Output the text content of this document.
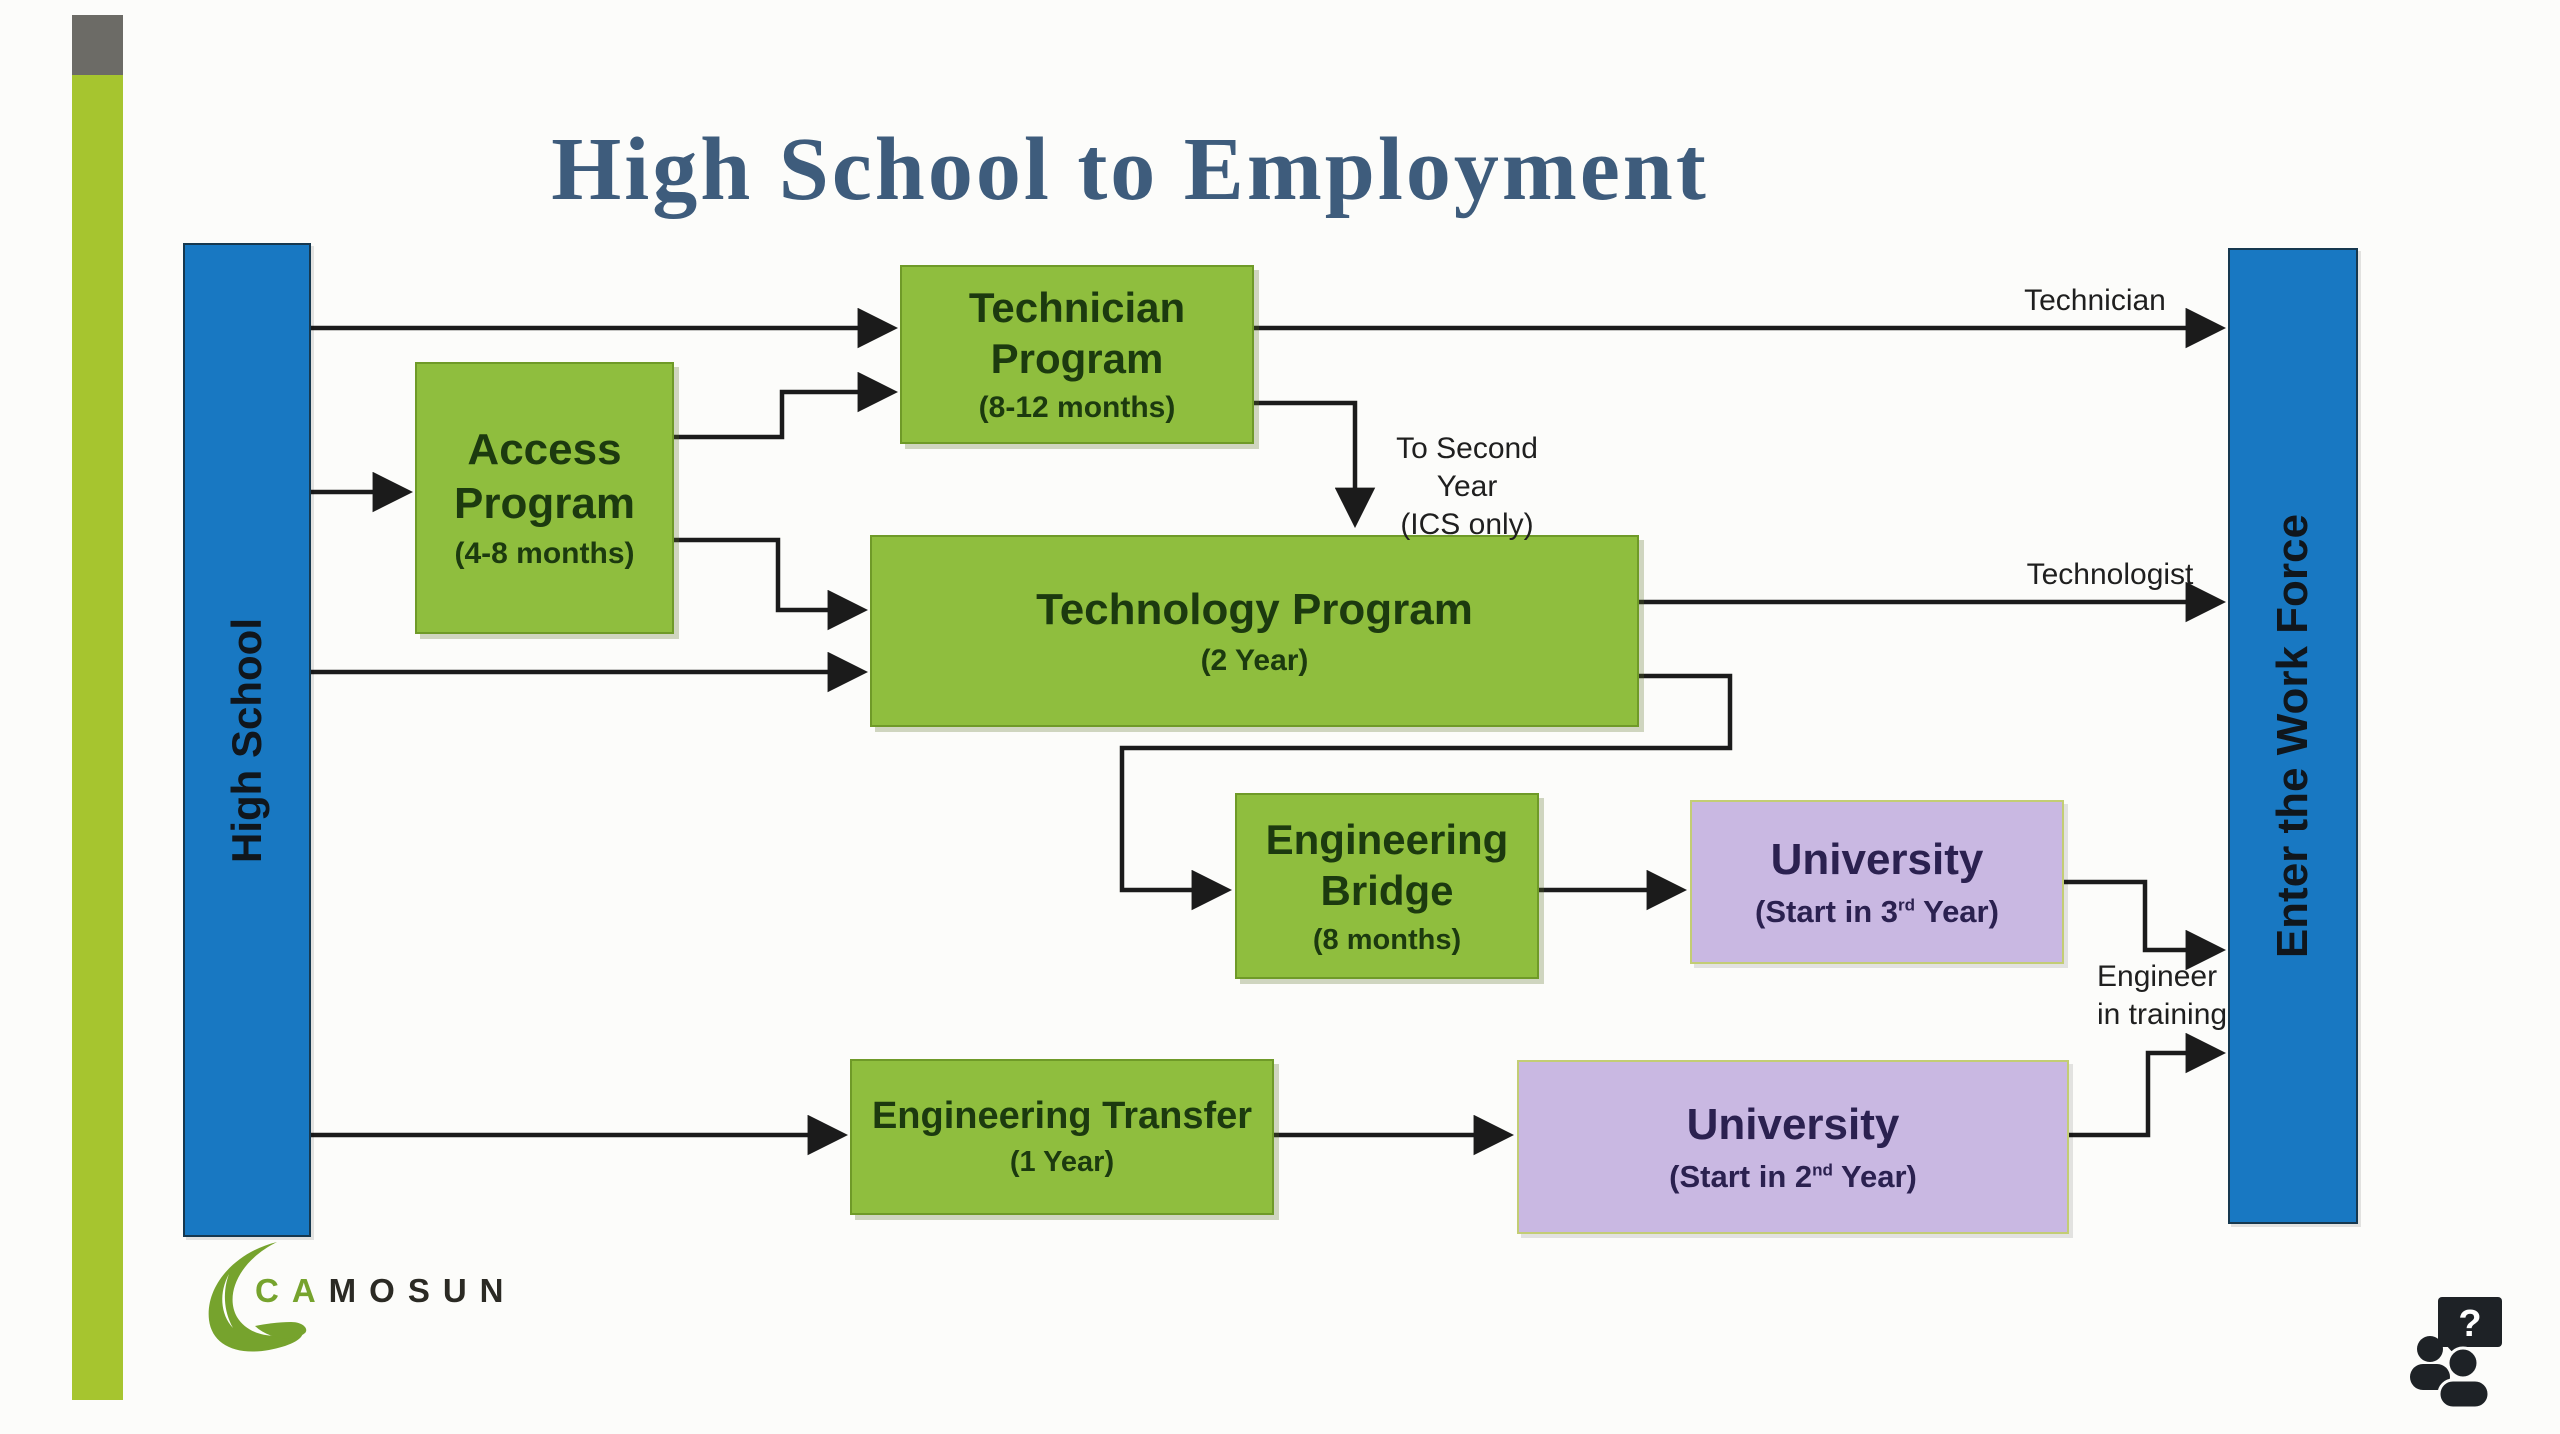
High School to Employment
High School	Enter the Work Force
Access
Program
(4-8 months)
Technician
Program
(8-12 months)
Technology Program
(2 Year)
Engineering
Bridge
(8 months)
Engineering Transfer
(1 Year)
University
(Start in 3rd Year)
University
(Start in 2nd Year)
Technician
Technologist
To Second Year
(ICS only)
Engineer
in training
CAMOSUN
?
